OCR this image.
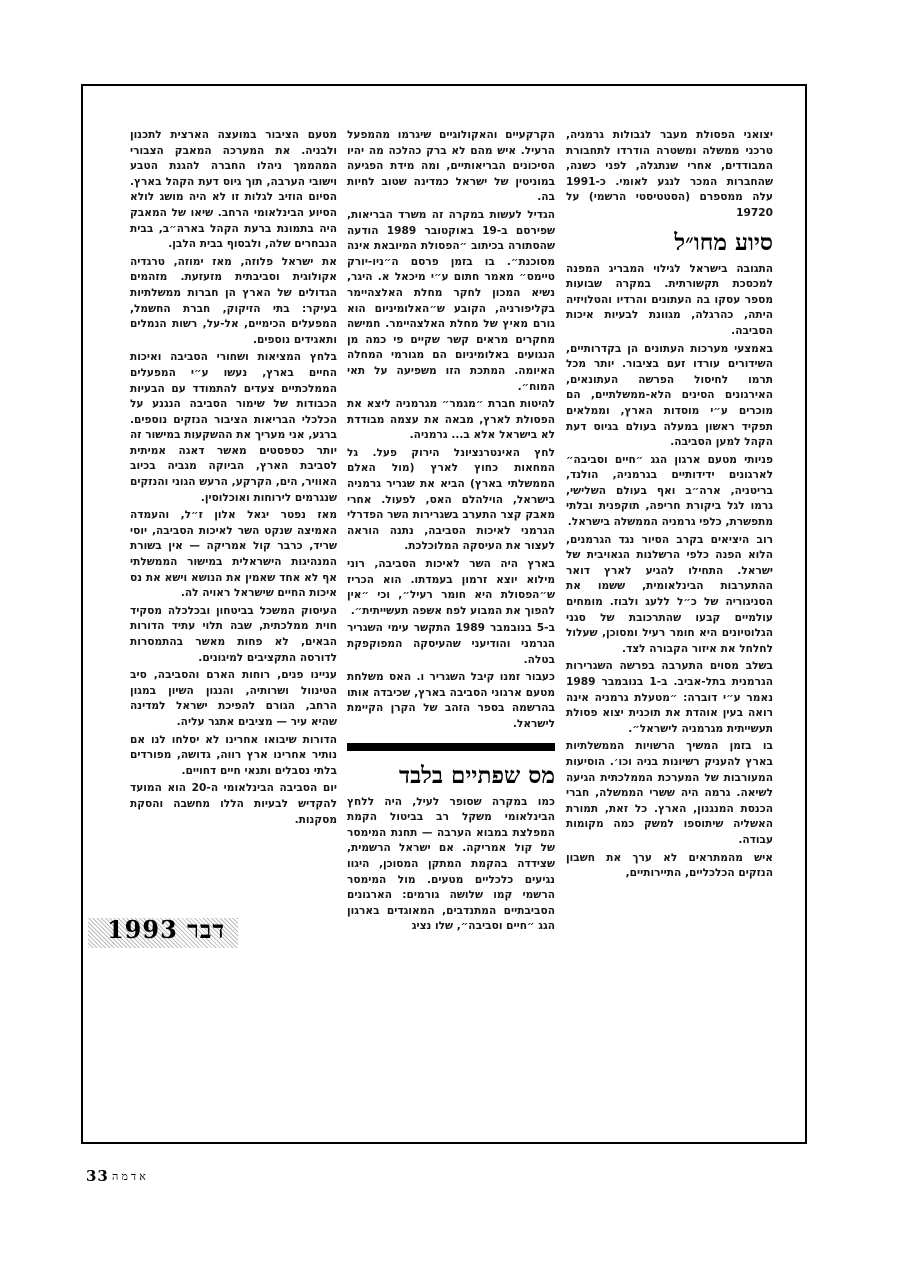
יצואני הפסולת מעבר לגבולות גרמניה, טרכני ממשלה ומשטרה הודרדו לתחבורת המבודדים, אחרי שנתגלה, לפני כשנה, שהחברות המכר לנגע לאומי. כ-1991 עלה ממספרם (הסטטיסטי הרשמי) על 19720

סיוע מחו״ל

התגובה בישראל לגילוי המבריג המפנה למכסכת תקשורתית. במקרה שבועות מספר עסקו בה העתונים והרדיו והטלויזיה היתה, כהרגלה, מגוונת לבעיות איכות הסביבה.

באמצעי מערכות העתונים הן בקדרותיים, השידורים עורדו זעם בציבור. יותר מכל תרמו לחיסול הפרשה העתונאים, האירגונים הסינים הלא-ממשלתיים, הם מוכרים ע״י מוסדות הארץ, וממלאים תפקיד ראשון במעלה בעולם בגיוס דעת הקהל למען הסביבה.

פניותי מטעם ארגון הגג ״חיים וסביבה״ לארגונים ידידותיים בגרמניה, הולנד, בריטניה, ארה״ב ואף בעולם השלישי, גרמו לגל ביקורת חריפה, תוקפנית ובלתי מתפשרת, כלפי גרמניה הממשלה בישראל.

רוב היציאים בקרב הסיור נגד הגרמנים, הלוא הפנה כלפי הרשלנות הגאויבית של ישראל. התחילו להגיע לארץ דואר ההתערבות הבינלאומית, ששמו את הסניגוריה של כ״ל ללעג ולבוז. מומחים עולמיים קבעו שהתרכובת של סגני הגלוטיונים היא חומר רעיל ומסוכן, שעלול לחלחל את איזור הקבורה לצד.

בשלב מסוים התערבה בפרשה השגרירות הגרמנית בתל-אביב. ב-1 בנובמבר 1989 נאמר ע״י דוברה: ״מטעלת גרמניה אינה רואה בעין אוהדת את תוכנית יצוא פסולת תעשייתית מגרמניה לישראל״.

בו בזמן המשיך הרשויות הממשלתיות בארץ להעניק רשיונות בניה וכו׳. הוסיעות המעורבות של המערכת הממלכתית הגיעה לשיאה. גרמה היה ששרי הממשלה, חברי הכנסת המנגנון, הארץ. כל זאת, תמורת האשליה שיתוספו למשק כמה מקומות עבודה.

איש מהמתראים לא ערך את חשבון הנזקים הכלכליים, התיירותיים,

הקרקעיים והאקולוגיים שיגרמו מהמפעל הרעיל. איש מהם לא ברק כהלכה מה יהיו הסיכונים הבריאותיים, ומה מידת הפגיעה במוניטין של ישראל כמדינה שטוב לחיות בה.

הגדיל לעשות במקרה זה משרד הבריאות, שפירסם ב-19 באוקטובר 1989 הודעה שהסתורה בכיתוב ״הפסולת המיובאת אינה מסוכנת״. בו בזמן פרסם ה״ניו-יורק טיימס״ מאמר חתום ע״י מיכאל א. היגר, נשיא המכון לחקר מחלת האלצהיימר בקליפורניה, הקובע ש״האלומיניום הוא גורם מאיץ של מחלת האלצהיימר. חמישה מחקרים מראים קשר שקיים פי כמה מן הנגועים באלומיניום הם מגורמי המחלה האיומה. המתכת הזו משפיעה על תאי המוח״.

להיטות חברת ״מגמר״ מגרמניה ליצא את הפסולת לארץ, מבאה את עצמה מבודדת לא בישראל אלא ב... גרמניה.

לחץ האינטרנציונל הירוק פעל. גל המחאות כחוץ לארץ (מול האלם הממשלתי בארץ) הביא את שגריר גרמניה בישראל, הוילהלם האס, לפעול. אחרי מאבק קצר התערב בשגרירות השר הפדרלי הגרמני לאיכות הסביבה, נתנה הוראה לעצור את העיסקה המלוכלכת.

בארץ היה השר לאיכות הסביבה, רוני מילוא יוצא זרמון בעמדתו. הוא הכריז ש״הפסולת היא חומר רעיל״, וכי ״אין להפוך את המבוע לפח אשפה תעשייתית״.

ב-5 בנובמבר 1989 התקשר עימי השגריר הגרמני והודיעני שהעיסקה המפוקפקת בטלה.

כעבור זמנו קיבל השגריר ו. האס משלחת מטעם ארגוני הסביבה בארץ, שכיבדה אותו בהרשמה בספר הזהב של הקרן הקיימת לישראל.

מס שפתיים בלבד

כמו במקרה שסופר לעיל, היה ללחץ הבינלאומי משקל רב בביטול הקמת המפלצת במבוא הערבה — תחנת המימסר של קול אמריקה. אם ישראל הרשמית, שצידדה בהקמת המתקן המסוכן, היגוו נגיעים כלכליים מטעים. מול המימסר הרשמי קמו שלושה גורמים: הארגונים הסביבתיים המתנדבים, המאוגדים בארגון הגג ״חיים וסביבה״, שלו נציג

מטעם הציבור במועצה הארצית לתכנון ולבניה. את המערכה המאבק הצבורי המהממך ניהלו החברה להגנת הטבע וישובי הערבה, תוך גיוס דעת הקהל בארץ. הסיום הוזיב לגלות זו לא היה מושג לולא הסיוע הבינלאומי הרחב. שיאו של המאבק היה בתמונת ברעת הקהל בארה״ב, בבית הנבחרים שלה, ולבסוף בבית הלבן.

את ישראל פלוזה, מאז ימוזה, טרגדיה אקולוגית וסביבתית מזעזעת. מזהמים הגדולים של הארץ הן חברות ממשלתיות בעיקר: בתי הזיקוק, חברת החשמל, המפעלים הכימיים, אל-על, רשות הנמלים ותאגידים נוספים.

בלחץ המציאות ושחורי הסביבה ואיכות החיים בארץ, נעשו ע״י המפעלים הממלכתיים צעדים להתמודד עם הבעיות הכבודות של שימור הסביבה הנגנע על הכלכלי הבריאות הציבור הנזקים נוספים. ברגע, אני מעריך את ההשקעות במישור זה יותר כספסטים מאשר דאגה אמיתית לסביבת הארץ, הביוקה מגביה בכיוב האוויר, הים, הקרקע, הרעש הגוני והנזקים שנגרמים לירוחות ואוכלוסין.

מאז נפטר יגאל אלון ז״ל, והעמדה האמיצה שנקט השר לאיכות הסביבה, יוסי שריד, כרבר קול אמריקה — אין בשורת המנהיגות הישראלית במישור הממשלתי אף לא אחד שאמין את הנושא וישא את נס איכות החיים שישראל ראויה לה.

העיסוק המשכל בביטחון ובכלכלה מסקיד חוית ממלכתית, שבה תלוי עתיד הדורות הבאים, לא פחות מאשר בהתמסרות לדורסה התקציבים למיגונים.

עניינו פנים, רוחות הארם והסביבה, סיב הטינוול ושרותיה, והנגון השיון במגון הרחב, הגורם להפיכת ישראל למדינה שהיא עיר — מציבים אתגר עליה.

הדורות שיבואו אחרינו לא יסלחו לנו אם נותיר אחרינו ארץ רווה, גדושה, מפורדים בלתי נסבלים ותנאי חיים דחויים.

יום הסביבה הבינלאומי ה-20 הוא המועד להקדיש לבעיות הללו מחשבה והסקת מסקנות.

דבר 1993
33 אדמה
